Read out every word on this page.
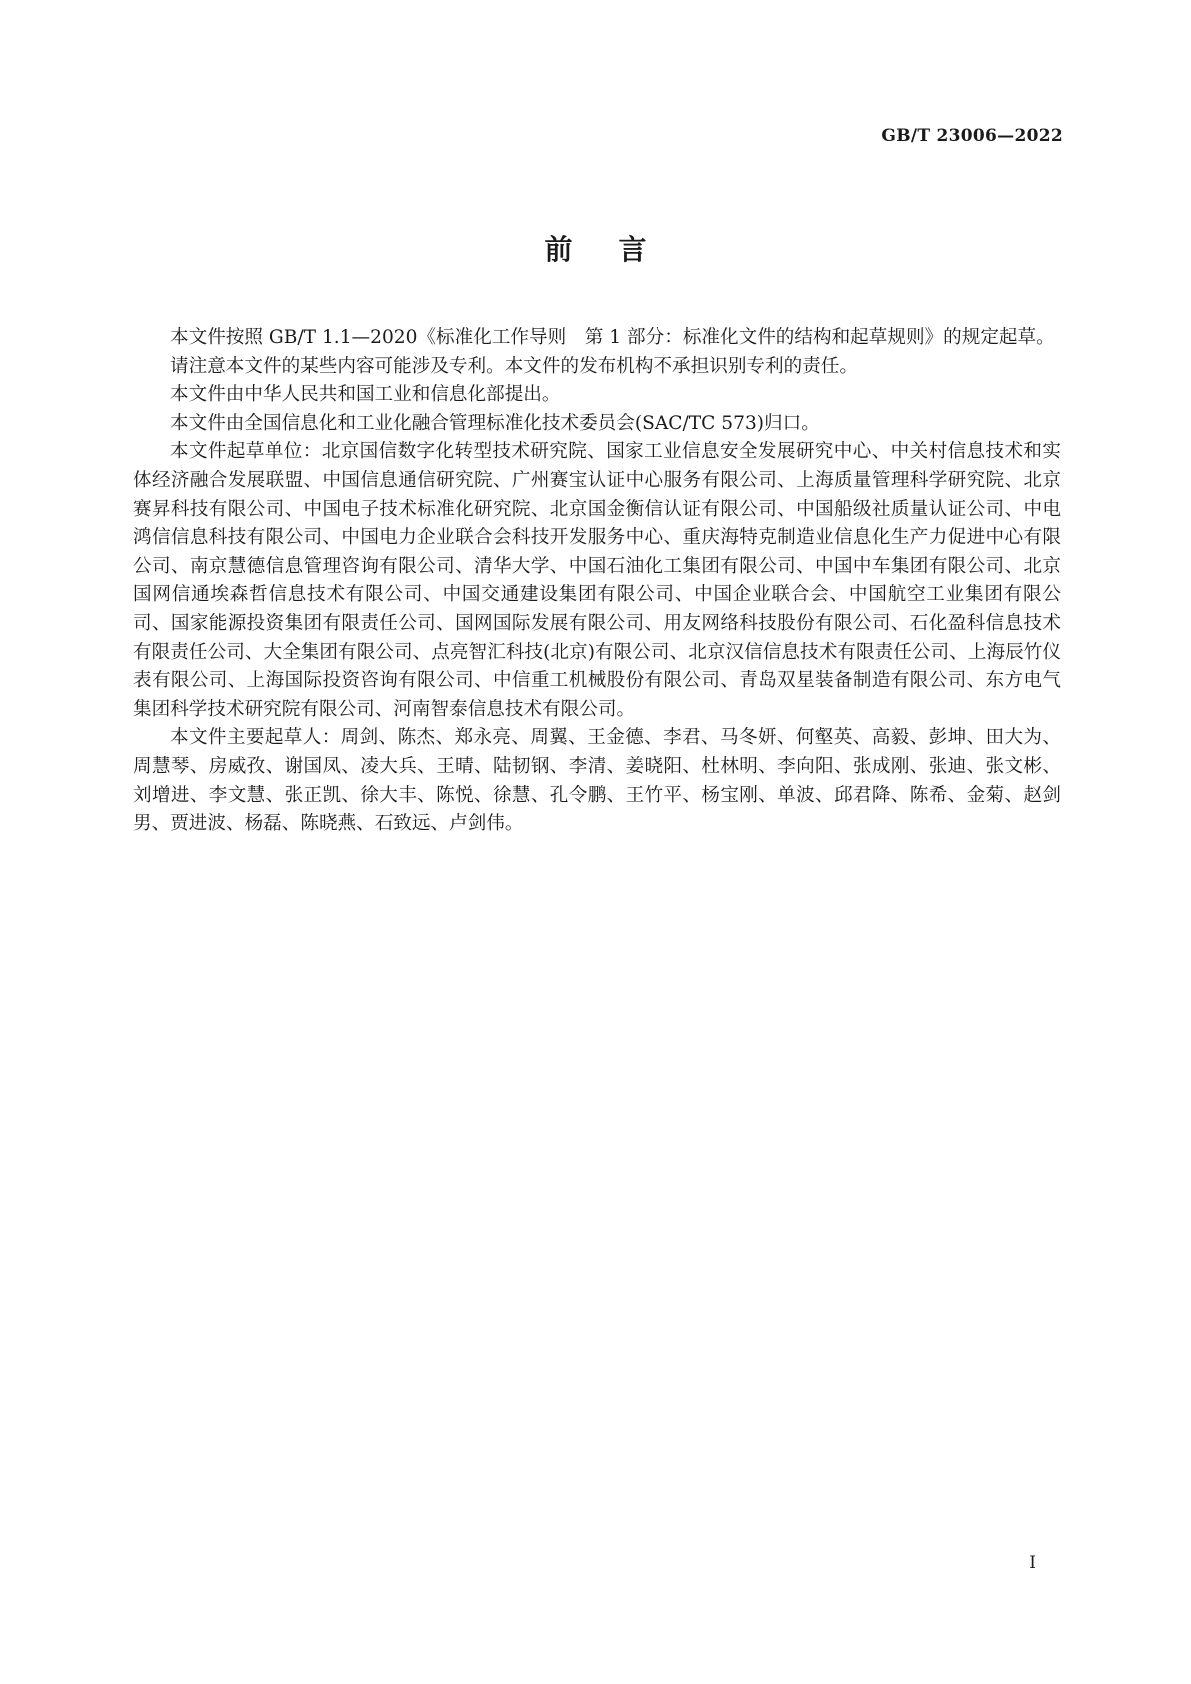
GB/T 23006—2022
前言

本文件按照 GB/T 1.1—2020《标准化工作导则　第 1 部分：标准化文件的结构和起草规则》的规定起草。

请注意本文件的某些内容可能涉及专利。本文件的发布机构不承担识别专利的责任。

本文件由中华人民共和国工业和信息化部提出。

本文件由全国信息化和工业化融合管理标准化技术委员会(SAC/TC 573)归口。

本文件起草单位：北京国信数字化转型技术研究院、国家工业信息安全发展研究中心、中关村信息技术和实体经济融合发展联盟、中国信息通信研究院、广州赛宝认证中心服务有限公司、上海质量管理科学研究院、北京赛昇科技有限公司、中国电子技术标准化研究院、北京国金衡信认证有限公司、中国船级社质量认证公司、中电鸿信信息科技有限公司、中国电力企业联合会科技开发服务中心、重庆海特克制造业信息化生产力促进中心有限公司、南京慧德信息管理咨询有限公司、清华大学、中国石油化工集团有限公司、中国中车集团有限公司、北京国网信通埃森哲信息技术有限公司、中国交通建设集团有限公司、中国企业联合会、中国航空工业集团有限公司、国家能源投资集团有限责任公司、国网国际发展有限公司、用友网络科技股份有限公司、石化盈科信息技术有限责任公司、大全集团有限公司、点亮智汇科技(北京)有限公司、北京汉信信息技术有限责任公司、上海辰竹仪表有限公司、上海国际投资咨询有限公司、中信重工机械股份有限公司、青岛双星装备制造有限公司、东方电气集团科学技术研究院有限公司、河南智泰信息技术有限公司。

本文件主要起草人：周剑、陈杰、郑永亮、周翼、王金德、李君、马冬妍、何壑英、高毅、彭坤、田大为、周慧琴、房威孜、谢国凤、凌大兵、王晴、陆韧钢、李清、姜晓阳、杜林明、李向阳、张成刚、张迪、张文彬、刘增进、李文慧、张正凯、徐大丰、陈悦、徐慧、孔令鹏、王竹平、杨宝刚、单波、邱君降、陈希、金菊、赵剑男、贾进波、杨磊、陈晓燕、石致远、卢剑伟。

I
